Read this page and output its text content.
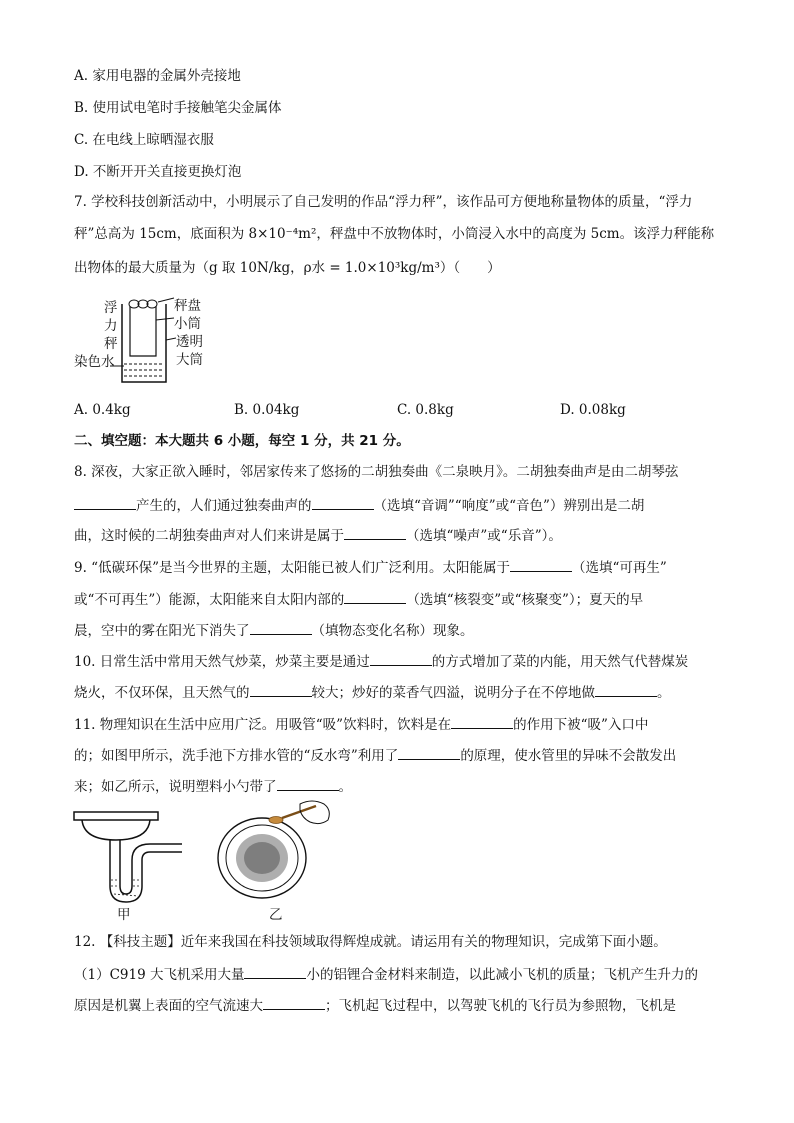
A. 家用电器的金属外壳接地
B. 使用试电笔时手接触笔尖金属体
C. 在电线上晾晒湿衣服
D. 不断开开关直接更换灯泡
7. 学校科技创新活动中，小明展示了自己发明的作品“浮力秤”，该作品可方便地称量物体的质量，“浮力
秤”总高为 15cm，底面积为 8×10⁻⁴m²，秤盘中不放物体时，小筒浸入水中的高度为 5cm。该浮力秤能称
出物体的最大质量为（g 取 10N/kg，ρ水 = 1.0×10³kg/m³）（　　）
浮
力
秤
染色水
秤盘
小筒
透明
大筒
A. 0.4kg	B. 0.04kg	C. 0.8kg	D. 0.08kg
二、填空题：本大题共 6 小题，每空 1 分，共 21 分。
8. 深夜，大家正欲入睡时，邻居家传来了悠扬的二胡独奏曲《二泉映月》。二胡独奏曲声是由二胡琴弦
产生的，人们通过独奏曲声的	（选填“音调”“响度”或“音色”）辨别出是二胡
曲，这时候的二胡独奏曲声对人们来讲是属于	（选填“噪声”或“乐音”）。
9. “低碳环保”是当今世界的主题，太阳能已被人们广泛利用。太阳能属于	（选填“可再生”
或“不可再生”）能源，太阳能来自太阳内部的	（选填“核裂变”或“核聚变”）；夏天的早
晨，空中的雾在阳光下消失了	（填物态变化名称）现象。
10. 日常生活中常用天然气炒菜，炒菜主要是通过	的方式增加了菜的内能，用天然气代替煤炭
烧火，不仅环保，且天然气的	较大；炒好的菜香气四溢，说明分子在不停地做	。
11. 物理知识在生活中应用广泛。用吸管“吸”饮料时，饮料是在	的作用下被“吸”入口中
的；如图甲所示，洗手池下方排水管的“反水弯”利用了	的原理，使水管里的异味不会散发出
来；如乙所示，说明塑料小勺带了	。
甲	乙
12. 【科技主题】近年来我国在科技领域取得辉煌成就。请运用有关的物理知识，完成第下面小题。
（1）C919 大飞机采用大量	小的铝锂合金材料来制造，以此减小飞机的质量；飞机产生升力的
原因是机翼上表面的空气流速大	；飞机起飞过程中，以驾驶飞机的飞行员为参照物，飞机是
